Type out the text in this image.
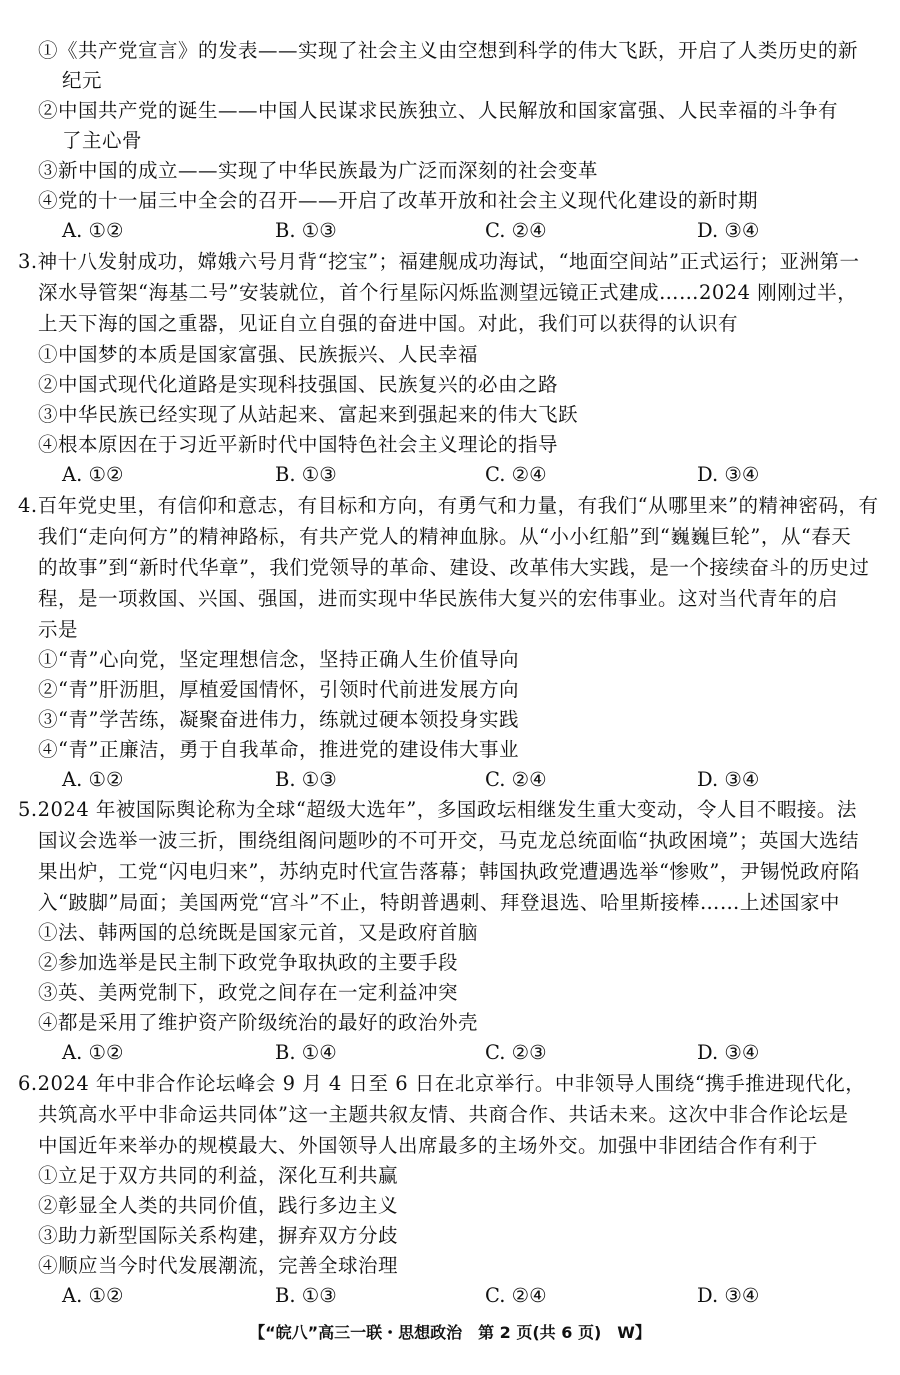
①《共产党宣言》的发表——实现了社会主义由空想到科学的伟大飞跃，开启了人类历史的新
纪元
②中国共产党的诞生——中国人民谋求民族独立、人民解放和国家富强、人民幸福的斗争有
了主心骨
③新中国的成立——实现了中华民族最为广泛而深刻的社会变革
④党的十一届三中全会的召开——开启了改革开放和社会主义现代化建设的新时期
A. ①②	B. ①③	C. ②④	D. ③④
3.神十八发射成功，嫦娥六号月背“挖宝”；福建舰成功海试，“地面空间站”正式运行；亚洲第一
深水导管架“海基二号”安装就位，首个行星际闪烁监测望远镜正式建成……2024 刚刚过半，
上天下海的国之重器，见证自立自强的奋进中国。对此，我们可以获得的认识有
①中国梦的本质是国家富强、民族振兴、人民幸福
②中国式现代化道路是实现科技强国、民族复兴的必由之路
③中华民族已经实现了从站起来、富起来到强起来的伟大飞跃
④根本原因在于习近平新时代中国特色社会主义理论的指导
A. ①②	B. ①③	C. ②④	D. ③④
4.百年党史里，有信仰和意志，有目标和方向，有勇气和力量，有我们“从哪里来”的精神密码，有
我们“走向何方”的精神路标，有共产党人的精神血脉。从“小小红船”到“巍巍巨轮”，从“春天
的故事”到“新时代华章”，我们党领导的革命、建设、改革伟大实践，是一个接续奋斗的历史过
程，是一项救国、兴国、强国，进而实现中华民族伟大复兴的宏伟事业。这对当代青年的启
示是
①“青”心向党，坚定理想信念，坚持正确人生价值导向
②“青”肝沥胆，厚植爱国情怀，引领时代前进发展方向
③“青”学苦练，凝聚奋进伟力，练就过硬本领投身实践
④“青”正廉洁，勇于自我革命，推进党的建设伟大事业
A. ①②	B. ①③	C. ②④	D. ③④
5.2024 年被国际舆论称为全球“超级大选年”，多国政坛相继发生重大变动，令人目不暇接。法
国议会选举一波三折，围绕组阁问题吵的不可开交，马克龙总统面临“执政困境”；英国大选结
果出炉，工党“闪电归来”，苏纳克时代宣告落幕；韩国执政党遭遇选举“惨败”，尹锡悦政府陷
入“跛脚”局面；美国两党“宫斗”不止，特朗普遇刺、拜登退选、哈里斯接棒……上述国家中
①法、韩两国的总统既是国家元首，又是政府首脑
②参加选举是民主制下政党争取执政的主要手段
③英、美两党制下，政党之间存在一定利益冲突
④都是采用了维护资产阶级统治的最好的政治外壳
A. ①②	B. ①④	C. ②③	D. ③④
6.2024 年中非合作论坛峰会 9 月 4 日至 6 日在北京举行。中非领导人围绕“携手推进现代化，
共筑高水平中非命运共同体”这一主题共叙友情、共商合作、共话未来。这次中非合作论坛是
中国近年来举办的规模最大、外国领导人出席最多的主场外交。加强中非团结合作有利于
①立足于双方共同的利益，深化互利共赢
②彰显全人类的共同价值，践行多边主义
③助力新型国际关系构建，摒弃双方分歧
④顺应当今时代发展潮流，完善全球治理
A. ①②	B. ①③	C. ②④	D. ③④
【“皖八”高三一联・思想政治　第 2 页(共 6 页)　W】
